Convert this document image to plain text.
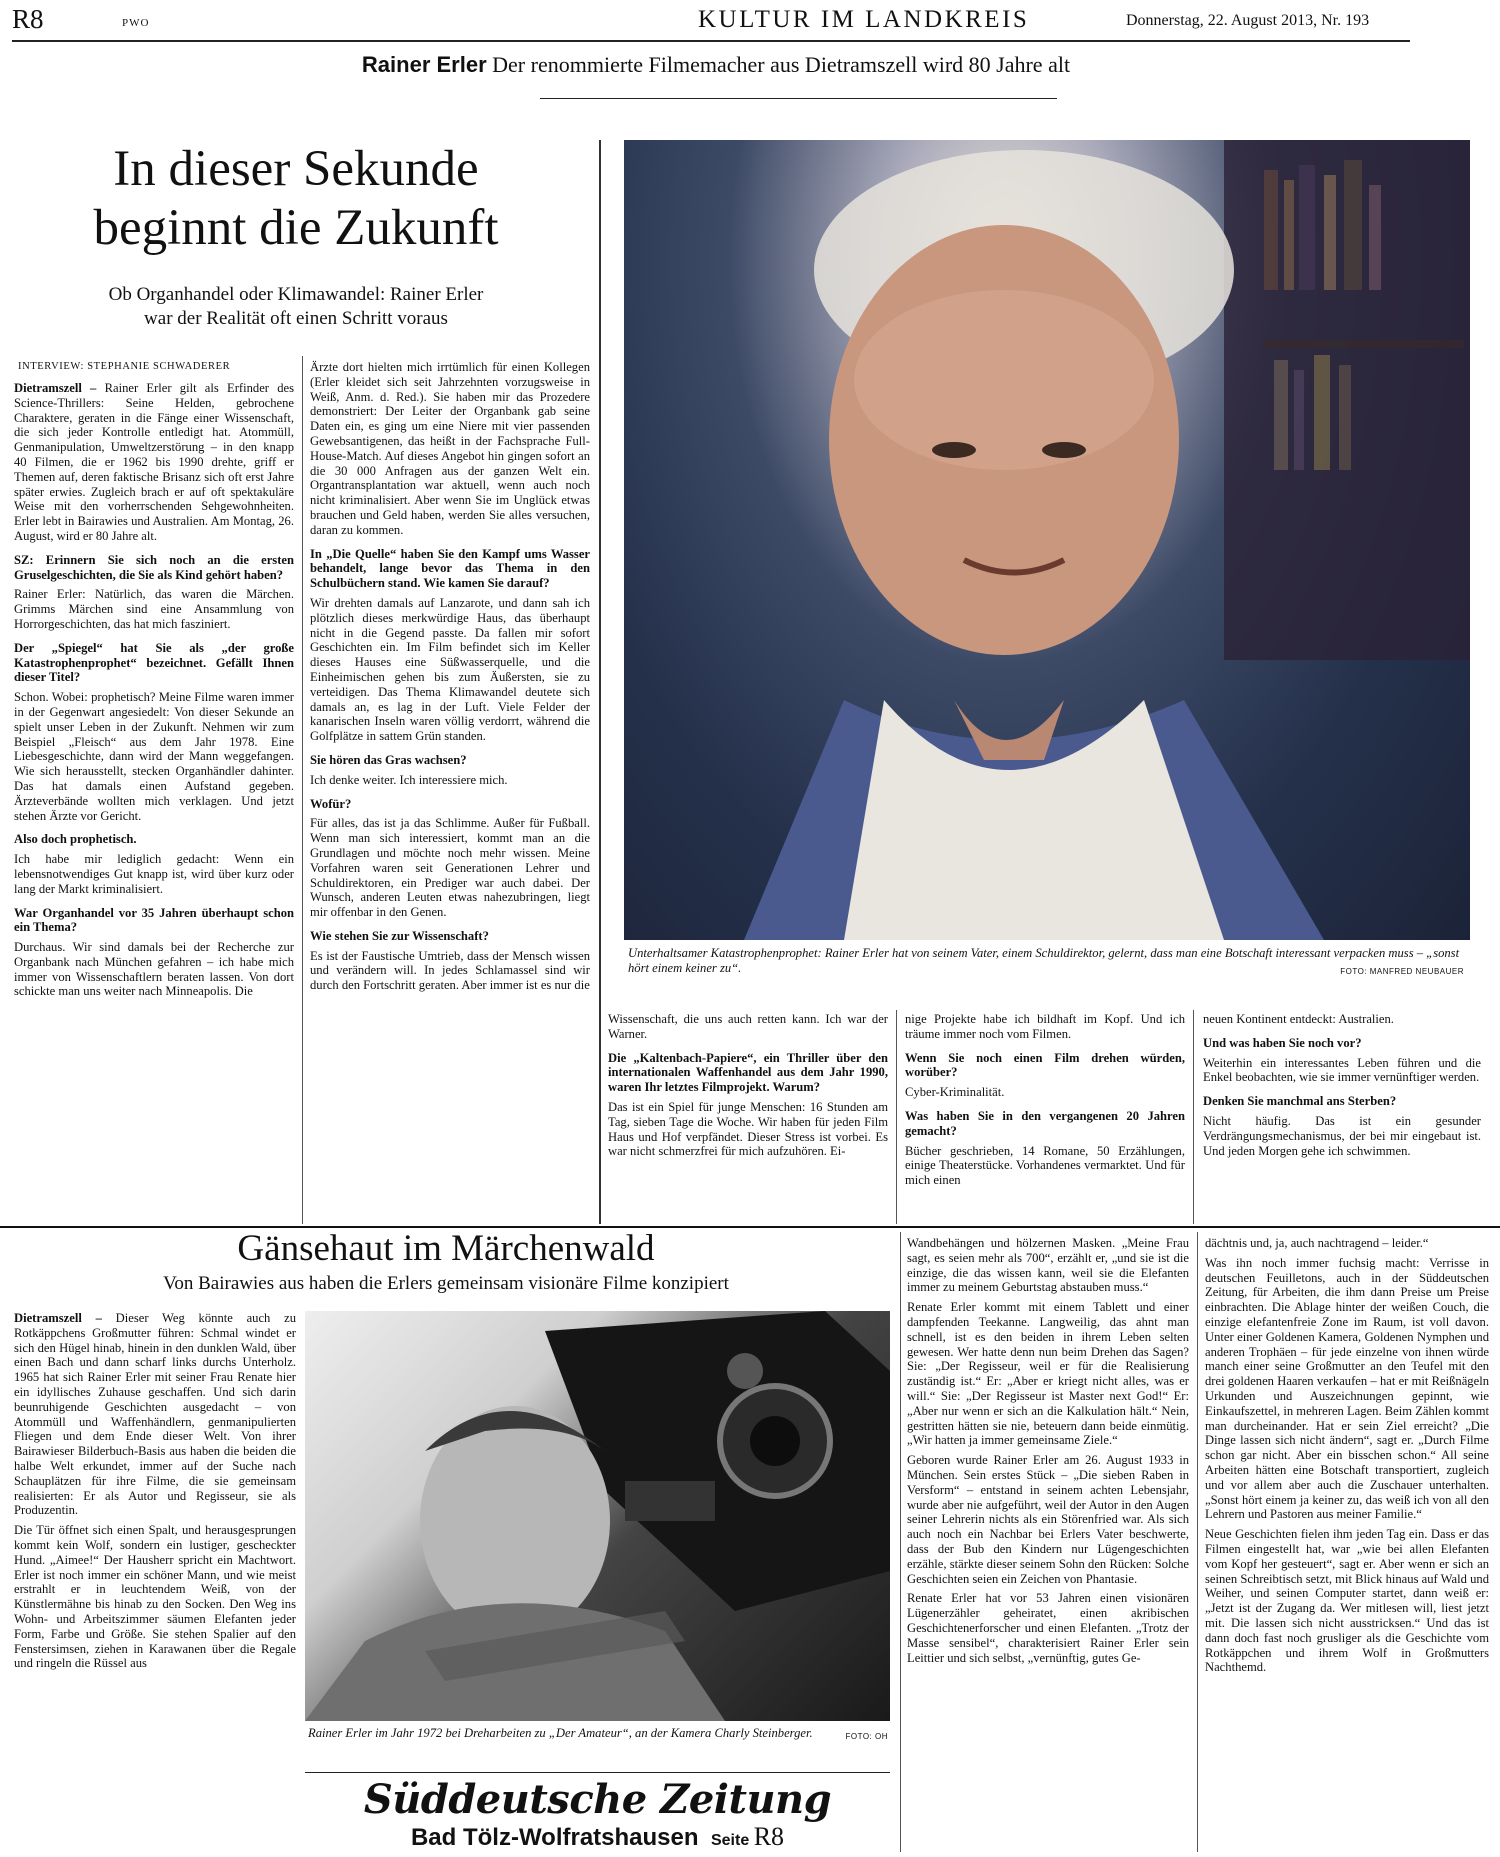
R8	PWO	KULTUR IM LANDKREIS	Donnerstag, 22. August 2013, Nr. 193
Rainer Erler Der renommierte Filmemacher aus Dietramszell wird 80 Jahre alt
In dieser Sekunde
beginnt die Zukunft
Ob Organhandel oder Klimawandel: Rainer Erler
war der Realität oft einen Schritt voraus
INTERVIEW: STEPHANIE SCHWADERER

Dietramszell – Rainer Erler gilt als Erfinder des Science-Thrillers: Seine Helden, gebrochene Charaktere, geraten in die Fänge einer Wissenschaft, die sich jeder Kontrolle entledigt hat. Atommüll, Genmanipulation, Umweltzerstörung – in den knapp 40 Filmen, die er 1962 bis 1990 drehte, griff er Themen auf, deren faktische Brisanz sich oft erst Jahre später erwies. Zugleich brach er auf oft spektakuläre Weise mit den vorherrschenden Sehgewohnheiten. Erler lebt in Bairawies und Australien. Am Montag, 26. August, wird er 80 Jahre alt.

SZ: Erinnern Sie sich noch an die ersten Gruselgeschichten, die Sie als Kind gehört haben?

Rainer Erler: Natürlich, das waren die Märchen. Grimms Märchen sind eine Ansammlung von Horrorgeschichten, das hat mich fasziniert.

Der „Spiegel“ hat Sie als „der große Katastrophenprophet“ bezeichnet. Gefällt Ihnen dieser Titel?

Schon. Wobei: prophetisch? Meine Filme waren immer in der Gegenwart angesiedelt: Von dieser Sekunde an spielt unser Leben in der Zukunft. Nehmen wir zum Beispiel „Fleisch“ aus dem Jahr 1978. Eine Liebesgeschichte, dann wird der Mann weggefangen. Wie sich herausstellt, stecken Organhändler dahinter. Das hat damals einen Aufstand gegeben. Ärzteverbände wollten mich verklagen. Und jetzt stehen Ärzte vor Gericht.

Also doch prophetisch.

Ich habe mir lediglich gedacht: Wenn ein lebensnotwendiges Gut knapp ist, wird über kurz oder lang der Markt kriminalisiert.

War Organhandel vor 35 Jahren überhaupt schon ein Thema?

Durchaus. Wir sind damals bei der Recherche zur Organbank nach München gefahren – ich habe mich immer von Wissenschaftlern beraten lassen. Von dort schickte man uns weiter nach Minneapolis. Die

Ärzte dort hielten mich irrtümlich für einen Kollegen (Erler kleidet sich seit Jahrzehnten vorzugsweise in Weiß, Anm. d. Red.). Sie haben mir das Prozedere demonstriert: Der Leiter der Organbank gab seine Daten ein, es ging um eine Niere mit vier passenden Gewebsantigenen, das heißt in der Fachsprache Full-House-Match. Auf dieses Angebot hin gingen sofort an die 30 000 Anfragen aus der ganzen Welt ein. Organtransplantation war aktuell, wenn auch noch nicht kriminalisiert. Aber wenn Sie im Unglück etwas brauchen und Geld haben, werden Sie alles versuchen, daran zu kommen.

In „Die Quelle“ haben Sie den Kampf ums Wasser behandelt, lange bevor das Thema in den Schulbüchern stand. Wie kamen Sie darauf?

Wir drehten damals auf Lanzarote, und dann sah ich plötzlich dieses merkwürdige Haus, das überhaupt nicht in die Gegend passte. Da fallen mir sofort Geschichten ein. Im Film befindet sich im Keller dieses Hauses eine Süßwasserquelle, und die Einheimischen gehen bis zum Äußersten, sie zu verteidigen. Das Thema Klimawandel deutete sich damals an, es lag in der Luft. Viele Felder der kanarischen Inseln waren völlig verdorrt, während die Golfplätze in sattem Grün standen.

Sie hören das Gras wachsen?

Ich denke weiter. Ich interessiere mich.

Wofür?

Für alles, das ist ja das Schlimme. Außer für Fußball. Wenn man sich interessiert, kommt man an die Grundlagen und möchte noch mehr wissen. Meine Vorfahren waren seit Generationen Lehrer und Schuldirektoren, ein Prediger war auch dabei. Der Wunsch, anderen Leuten etwas nahezubringen, liegt mir offenbar in den Genen.

Wie stehen Sie zur Wissenschaft?

Es ist der Faustische Umtrieb, dass der Mensch wissen und verändern will. In jedes Schlamassel sind wir durch den Fortschritt geraten. Aber immer ist es nur die

Unterhaltsamer Katastrophenprophet: Rainer Erler hat von seinem Vater, einem Schuldirektor, gelernt, dass man eine Botschaft interessant verpacken muss – „sonst hört einem keiner zu“.	FOTO: MANFRED NEUBAUER

Wissenschaft, die uns auch retten kann. Ich war der Warner.

Die „Kaltenbach-Papiere“, ein Thriller über den internationalen Waffenhandel aus dem Jahr 1990, waren Ihr letztes Filmprojekt. Warum?

Das ist ein Spiel für junge Menschen: 16 Stunden am Tag, sieben Tage die Woche. Wir haben für jeden Film Haus und Hof verpfändet. Dieser Stress ist vorbei. Es war nicht schmerzfrei für mich aufzuhören. Ei-

nige Projekte habe ich bildhaft im Kopf. Und ich träume immer noch vom Filmen.

Wenn Sie noch einen Film drehen würden, worüber?

Cyber-Kriminalität.

Was haben Sie in den vergangenen 20 Jahren gemacht?

Bücher geschrieben, 14 Romane, 50 Erzählungen, einige Theaterstücke. Vorhandenes vermarktet. Und für mich einen

neuen Kontinent entdeckt: Australien.

Und was haben Sie noch vor?

Weiterhin ein interessantes Leben führen und die Enkel beobachten, wie sie immer vernünftiger werden.

Denken Sie manchmal ans Sterben?

Nicht häufig. Das ist ein gesunder Verdrängungsmechanismus, der bei mir eingebaut ist. Und jeden Morgen gehe ich schwimmen.

Gänsehaut im Märchenwald
Von Bairawies aus haben die Erlers gemeinsam visionäre Filme konzipiert

Dietramszell – Dieser Weg könnte auch zu Rotkäppchens Großmutter führen: Schmal windet er sich den Hügel hinab, hinein in den dunklen Wald, über einen Bach und dann scharf links durchs Unterholz. 1965 hat sich Rainer Erler mit seiner Frau Renate hier ein idyllisches Zuhause geschaffen. Und sich darin beunruhigende Geschichten ausgedacht – von Atommüll und Waffenhändlern, genmanipulierten Fliegen und dem Ende dieser Welt. Von ihrer Bairawieser Bilderbuch-Basis aus haben die beiden die halbe Welt erkundet, immer auf der Suche nach Schauplätzen für ihre Filme, die sie gemeinsam realisierten: Er als Autor und Regisseur, sie als Produzentin.

Die Tür öffnet sich einen Spalt, und herausgesprungen kommt kein Wolf, sondern ein lustiger, gescheckter Hund. „Aimee!“ Der Hausherr spricht ein Machtwort. Erler ist noch immer ein schöner Mann, und wie meist erstrahlt er in leuchtendem Weiß, von der Künstlermähne bis hinab zu den Socken. Den Weg ins Wohn- und Arbeitszimmer säumen Elefanten jeder Form, Farbe und Größe. Sie stehen Spalier auf den Fenstersimsen, ziehen in Karawanen über die Regale und ringeln die Rüssel aus

Rainer Erler im Jahr 1972 bei Dreharbeiten zu „Der Amateur“, an der Kamera Charly Steinberger.	FOTO: OH

Wandbehängen und hölzernen Masken. „Meine Frau sagt, es seien mehr als 700“, erzählt er, „und sie ist die einzige, die das wissen kann, weil sie die Elefanten immer zu meinem Geburtstag abstauben muss.“

Renate Erler kommt mit einem Tablett und einer dampfenden Teekanne. Langweilig, das ahnt man schnell, ist es den beiden in ihrem Leben selten gewesen. Wer hatte denn nun beim Drehen das Sagen? Sie: „Der Regisseur, weil er für die Realisierung zuständig ist.“ Er: „Aber er kriegt nicht alles, was er will.“ Sie: „Der Regisseur ist Master next God!“ Er: „Aber nur wenn er sich an die Kalkulation hält.“ Nein, gestritten hätten sie nie, beteuern dann beide einmütig. „Wir hatten ja immer gemeinsame Ziele.“

Geboren wurde Rainer Erler am 26. August 1933 in München. Sein erstes Stück – „Die sieben Raben in Versform“ – entstand in seinem achten Lebensjahr, wurde aber nie aufgeführt, weil der Autor in den Augen seiner Lehrerin nichts als ein Störenfried war. Als sich auch noch ein Nachbar bei Erlers Vater beschwerte, dass der Bub den Kindern nur Lügengeschichten erzähle, stärkte dieser seinem Sohn den Rücken: Solche Geschichten seien ein Zeichen von Phantasie.

Renate Erler hat vor 53 Jahren einen visionären Lügenerzähler geheiratet, einen akribischen Geschichtenerforscher und einen Elefanten. „Trotz der Masse sensibel“, charakterisiert Rainer Erler sein Leittier und sich selbst, „vernünftig, gutes Ge-

dächtnis und, ja, auch nachtragend – leider.“

Was ihn noch immer fuchsig macht: Verrisse in deutschen Feuilletons, auch in der Süddeutschen Zeitung, für Arbeiten, die ihm dann Preise um Preise einbrachten. Die Ablage hinter der weißen Couch, die einzige elefantenfreie Zone im Raum, ist voll davon. Unter einer Goldenen Kamera, Goldenen Nymphen und anderen Trophäen – für jede einzelne von ihnen würde manch einer seine Großmutter an den Teufel mit den drei goldenen Haaren verkaufen – hat er mit Reißnägeln Urkunden und Auszeichnungen gepinnt, wie Einkaufszettel, in mehreren Lagen. Beim Zählen kommt man durcheinander. Hat er sein Ziel erreicht? „Die Dinge lassen sich nicht ändern“, sagt er. „Durch Filme schon gar nicht. Aber ein bisschen schon.“ All seine Arbeiten hätten eine Botschaft transportiert, zugleich und vor allem aber auch die Zuschauer unterhalten. „Sonst hört einem ja keiner zu, das weiß ich von all den Lehrern und Pastoren aus meiner Familie.“

Neue Geschichten fielen ihm jeden Tag ein. Dass er das Filmen eingestellt hat, war „wie bei allen Elefanten vom Kopf her gesteuert“, sagt er. Aber wenn er sich an seinen Schreibtisch setzt, mit Blick hinaus auf Wald und Weiher, und seinen Computer startet, dann weiß er: „Jetzt ist der Zugang da. Wer mitlesen will, liest jetzt mit. Die lassen sich nicht ausstricksen.“ Und das ist dann doch fast noch grusliger als die Geschichte vom Rotkäppchen und ihrem Wolf in Großmutters Nachthemd.

Süddeutsche Zeitung
Bad Tölz-Wolfratshausen Seite R8
